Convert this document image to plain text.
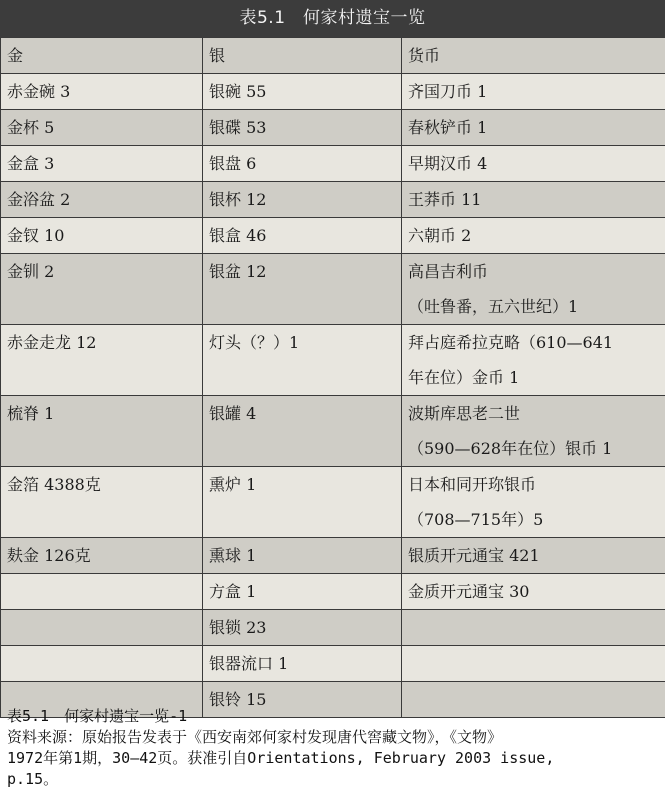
表5.1　何家村遗宝一览
金	银	货币
赤金碗 3	银碗 55	齐国刀币 1

金杯 5	银碟 53	春秋铲币 1

金盒 3	银盘 6	早期汉币 4

金浴盆 2	银杯 12	王莽币 11

金钗 10	银盒 46	六朝币 2

金钏 2	银盆 12	高昌吉利币
（吐鲁番，五六世纪）1

赤金走龙 12	灯头（？）1	拜占庭希拉克略（610—641
年在位）金币 1

梳脊 1	银罐 4	波斯库思老二世
（590—628年在位）银币 1

金箔 4388克	熏炉 1	日本和同开珎银币
（708—715年）5

麸金 126克	熏球 1	银质开元通宝 421

	方盒 1	金质开元通宝 30

	银锁 23	

	银器流口 1	

	银铃 15	

表5.1　何家村遗宝一览-1
资料来源：原始报告发表于《西安南郊何家村发现唐代窖藏文物》，《文物》
1972年第1期，30—42页。获准引自Orientations, February 2003 issue,
p.15。
